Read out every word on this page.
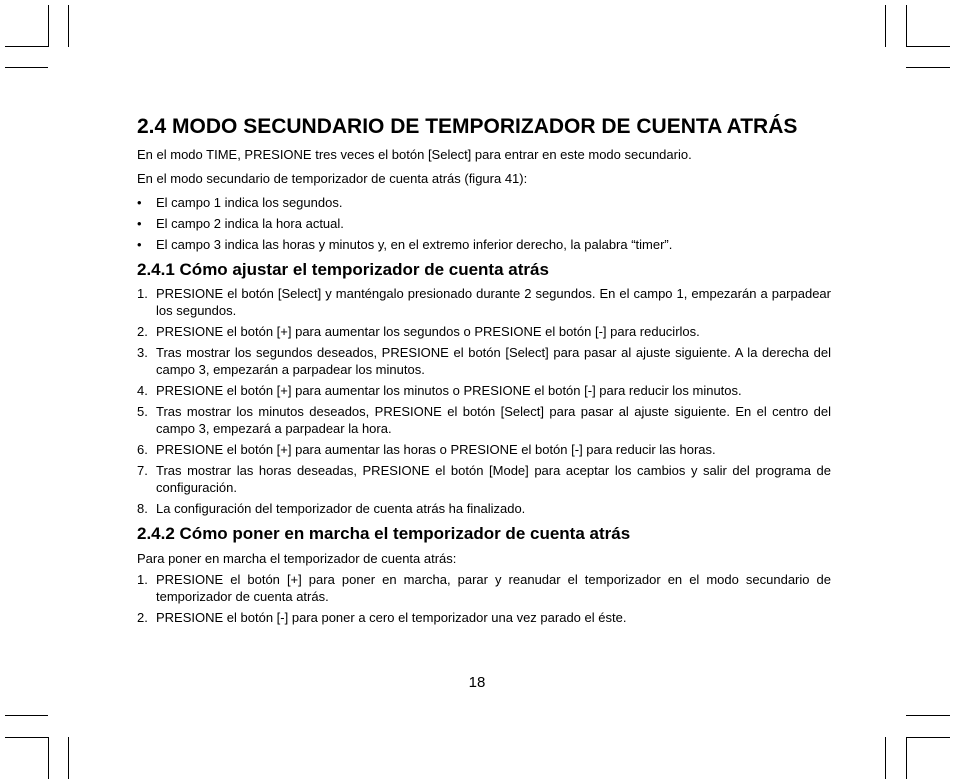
2.4 MODO SECUNDARIO DE TEMPORIZADOR DE CUENTA ATRÁS

En el modo TIME, PRESIONE tres veces el botón [Select] para entrar en este modo secundario.

En el modo secundario de temporizador de cuenta atrás (figura 41):

• El campo 1 indica los segundos.
• El campo 2 indica la hora actual.
• El campo 3 indica las horas y minutos y, en el extremo inferior derecho, la palabra “timer”.
2.4.1 Cómo ajustar el temporizador de cuenta atrás
1. PRESIONE el botón [Select] y manténgalo presionado durante 2 segundos. En el campo 1, empezarán a parpadear los segundos.
2. PRESIONE el botón [+] para aumentar los segundos o PRESIONE el botón [-] para reducirlos.
3. Tras mostrar los segundos deseados, PRESIONE el botón [Select] para pasar al ajuste siguiente. A la derecha del campo 3, empezarán a parpadear los minutos.
4. PRESIONE el botón [+] para aumentar los minutos o PRESIONE el botón [-] para reducir los minutos.
5. Tras mostrar los minutos deseados, PRESIONE el botón [Select] para pasar al ajuste siguiente. En el centro del campo 3, empezará a parpadear la hora.
6. PRESIONE el botón [+] para aumentar las horas o PRESIONE el botón [-] para reducir las horas.
7. Tras mostrar las horas deseadas, PRESIONE el botón [Mode] para aceptar los cambios y salir del programa de configuración.
8. La configuración del temporizador de cuenta atrás ha finalizado.
2.4.2 Cómo poner en marcha el temporizador de cuenta atrás

Para poner en marcha el temporizador de cuenta atrás:

1. PRESIONE el botón [+] para poner en marcha, parar y reanudar el temporizador en el modo secundario de temporizador de cuenta atrás.
2. PRESIONE el botón [-] para poner a cero el temporizador una vez parado el éste.
18
